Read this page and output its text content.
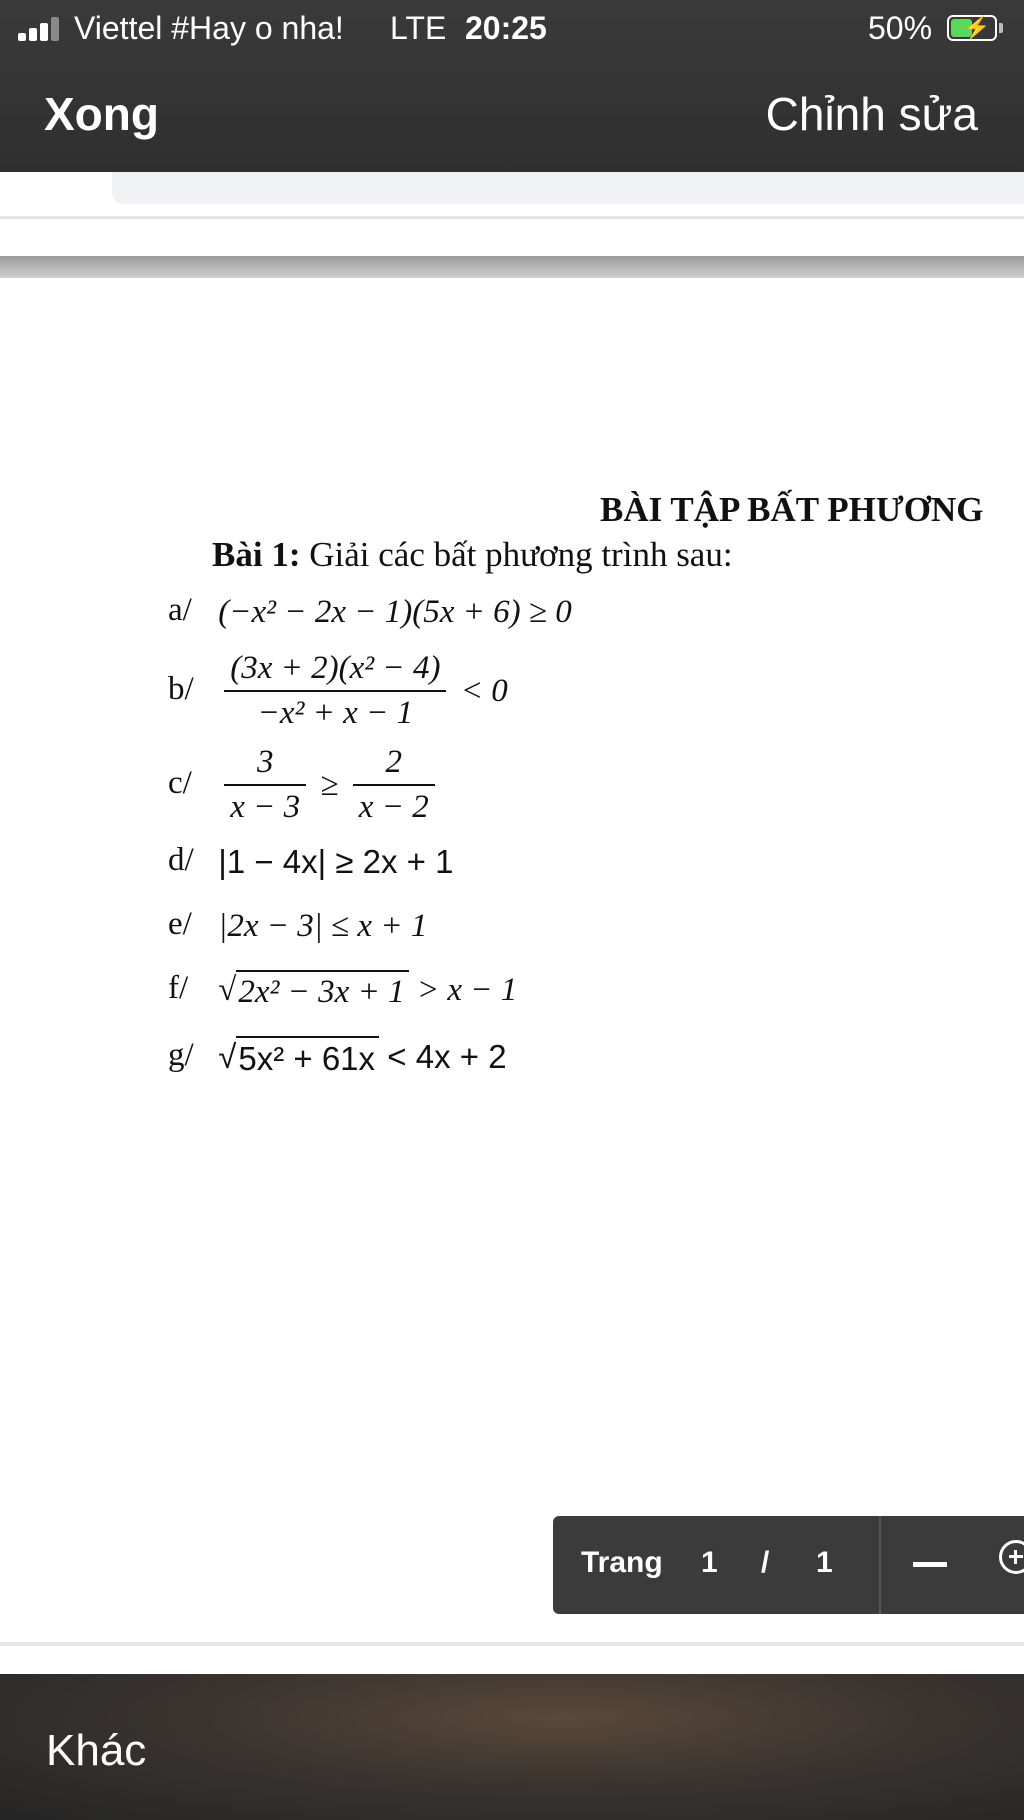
Viettel #Hay o nha! LTE 20:25	50% ⚡
Xong	Chỉnh sửa
BÀI TẬP BẤT PHƯƠNG
Bài 1: Giải các bất phương trình sau:
a/ (−x² − 2x − 1)(5x + 6) ≥ 0
$b/ \frac{\text{(3x + 2)(x² − 4)}}{\text{−x² + x − 1}} < 0$
$c/ \frac{3}{x - 3} \ge \frac{2}{x - 2}$
d/ |1 − 4x| ≥ 2x + 1
e/ |2x − 3| ≤ x + 1
f/ √2x² − 3x + 1 > x − 1
g/ √5x² + 61x < 4x + 2
Trang 1 / 1
Khác
